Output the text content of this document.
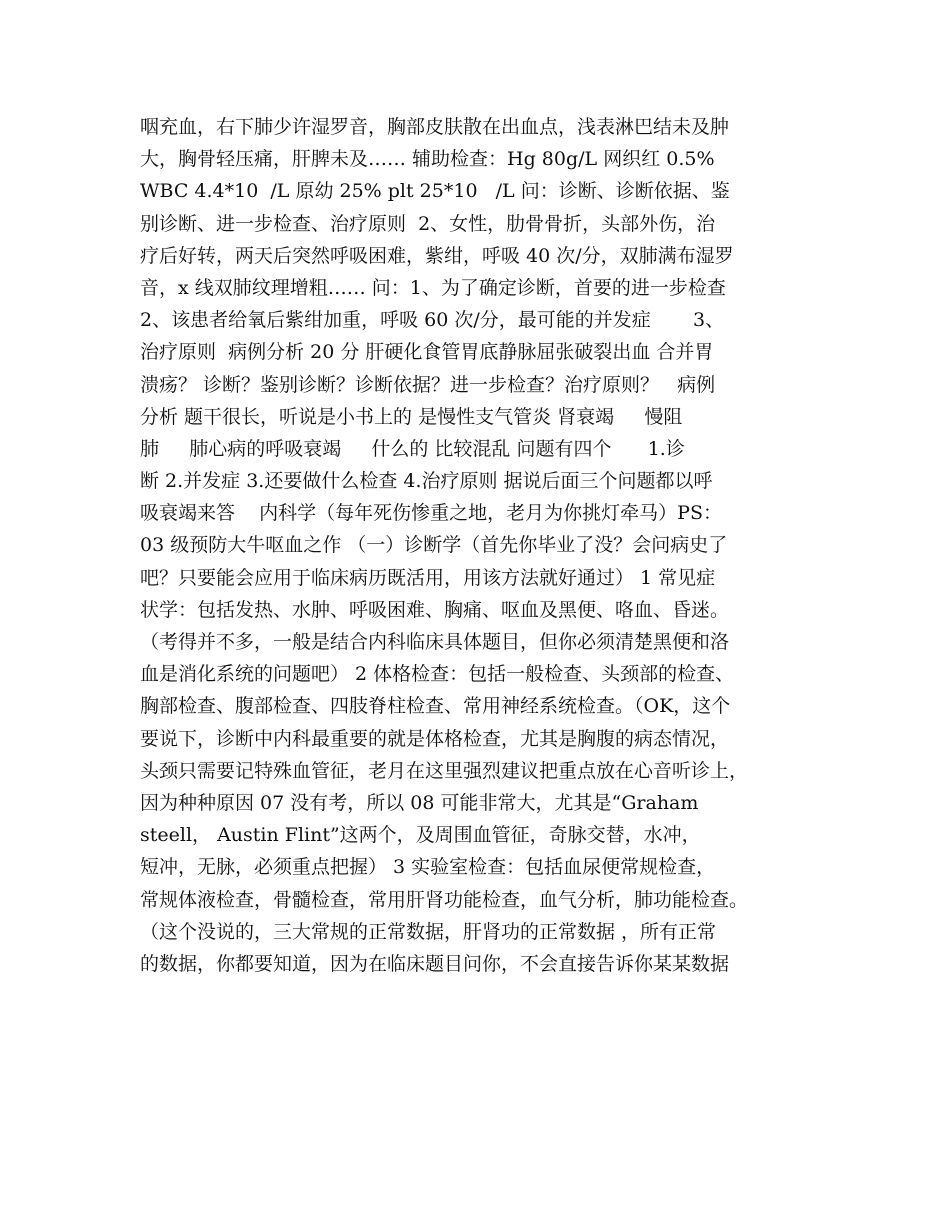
咽充血，右下肺少许湿罗音，胸部皮肤散在出血点，浅表淋巴结未及肿
大，胸骨轻压痛，肝脾未及…… 辅助检查：Hg 80g/L 网织红 0.5%
WBC 4.4*10  /L 原幼 25% plt 25*10   /L 问：诊断、诊断依据、鉴
别诊断、进一步检查、治疗原则  2、女性，肋骨骨折，头部外伤，治
疗后好转，两天后突然呼吸困难，紫绀，呼吸 40 次/分，双肺满布湿罗
音，x 线双肺纹理增粗…… 问：1、为了确定诊断，首要的进一步检查
2、该患者给氧后紫绀加重，呼吸 60 次/分，最可能的并发症       3、
治疗原则  病例分析 20 分 肝硬化食管胃底静脉屈张破裂出血 合并胃
溃疡？ 诊断？鉴别诊断？诊断依据？进一步检查？治疗原则？   病例
分析 题干很长，听说是小书上的 是慢性支气管炎 肾衰竭     慢阻
肺     肺心病的呼吸衰竭     什么的 比较混乱 问题有四个      1.诊
断 2.并发症 3.还要做什么检查 4.治疗原则 据说后面三个问题都以呼
吸衰竭来答    内科学（每年死伤惨重之地，老月为你挑灯牵马）PS：
03 级预防大牛呕血之作 （一）诊断学（首先你毕业了没？会问病史了
吧？只要能会应用于临床病历既活用，用该方法就好通过） 1 常见症
状学：包括发热、水肿、呼吸困难、胸痛、呕血及黑便、咯血、昏迷。
（考得并不多，一般是结合内科临床具体题目，但你必须清楚黑便和洛
血是消化系统的问题吧） 2 体格检查：包括一般检查、头颈部的检查、
胸部检查、腹部检查、四肢脊柱检查、常用神经系统检查。（OK，这个
要说下，诊断中内科最重要的就是体格检查，尤其是胸腹的病态情况，
头颈只需要记特殊血管征，老月在这里强烈建议把重点放在心音听诊上，
因为种种原因 07 没有考，所以 08 可能非常大，尤其是“Graham
steell， Austin Flint”这两个，及周围血管征，奇脉交替，水冲，
短冲，无脉，必须重点把握） 3 实验室检查：包括血尿便常规检查，
常规体液检查，骨髓检查，常用肝肾功能检查，血气分析，肺功能检查。
（这个没说的，三大常规的正常数据，肝肾功的正常数据 ，所有正常
的数据，你都要知道，因为在临床题目问你，不会直接告诉你某某数据
